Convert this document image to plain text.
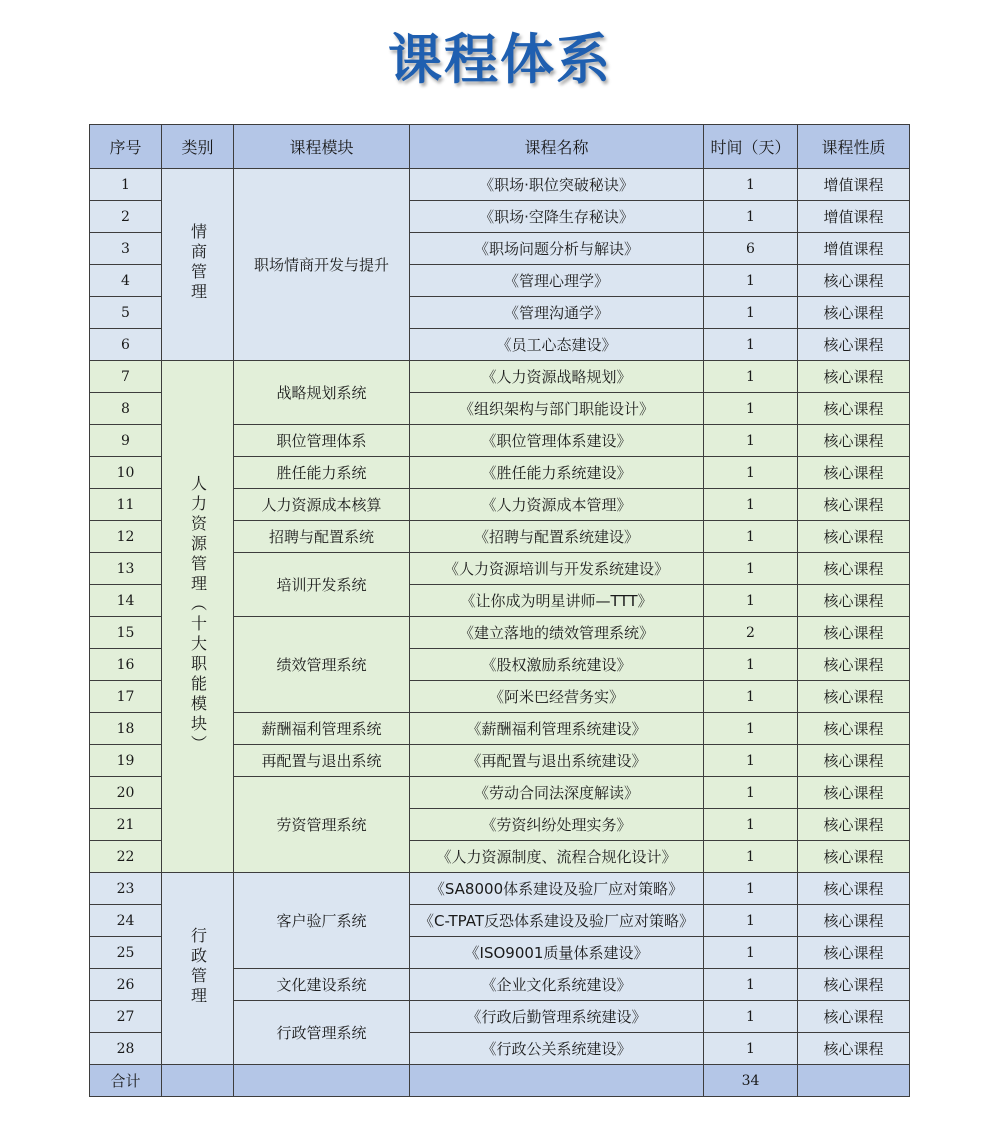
课程体系
序号	类别	课程模块	课程名称	时间（天）	课程性质
1	情商管理	职场情商开发与提升	《职场·职位突破秘诀》	1	增值课程
2			《职场·空降生存秘诀》	1	增值课程
3			《职场问题分析与解诀》	6	增值课程
4			《管理心理学》	1	核心课程
5			《管理沟通学》	1	核心课程
6			《员工心态建设》	1	核心课程
7	人力资源管理（十大职能模块）	战略规划系统	《人力资源战略规划》	1	核心课程
8			《组织架构与部门职能设计》	1	核心课程
9		职位管理体系	《职位管理体系建设》	1	核心课程
10		胜任能力系统	《胜任能力系统建设》	1	核心课程
11		人力资源成本核算	《人力资源成本管理》	1	核心课程
12		招聘与配置系统	《招聘与配置系统建设》	1	核心课程
13		培训开发系统	《人力资源培训与开发系统建设》	1	核心课程
14			《让你成为明星讲师—TTT》	1	核心课程
15		绩效管理系统	《建立落地的绩效管理系统》	2	核心课程
16			《股权激励系统建设》	1	核心课程
17			《阿米巴经营务实》	1	核心课程
18		薪酬福利管理系统	《薪酬福利管理系统建设》	1	核心课程
19		再配置与退出系统	《再配置与退出系统建设》	1	核心课程
20		劳资管理系统	《劳动合同法深度解读》	1	核心课程
21			《劳资纠纷处理实务》	1	核心课程
22			《人力资源制度、流程合规化设计》	1	核心课程
23	行政管理	客户验厂系统	《SA8000体系建设及验厂应对策略》	1	核心课程
24			《C-TPAT反恐体系建设及验厂应对策略》	1	核心课程
25			《ISO9001质量体系建设》	1	核心课程
26		文化建设系统	《企业文化系统建设》	1	核心课程
27		行政管理系统	《行政后勤管理系统建设》	1	核心课程
28			《行政公关系统建设》	1	核心课程
合计				34	
